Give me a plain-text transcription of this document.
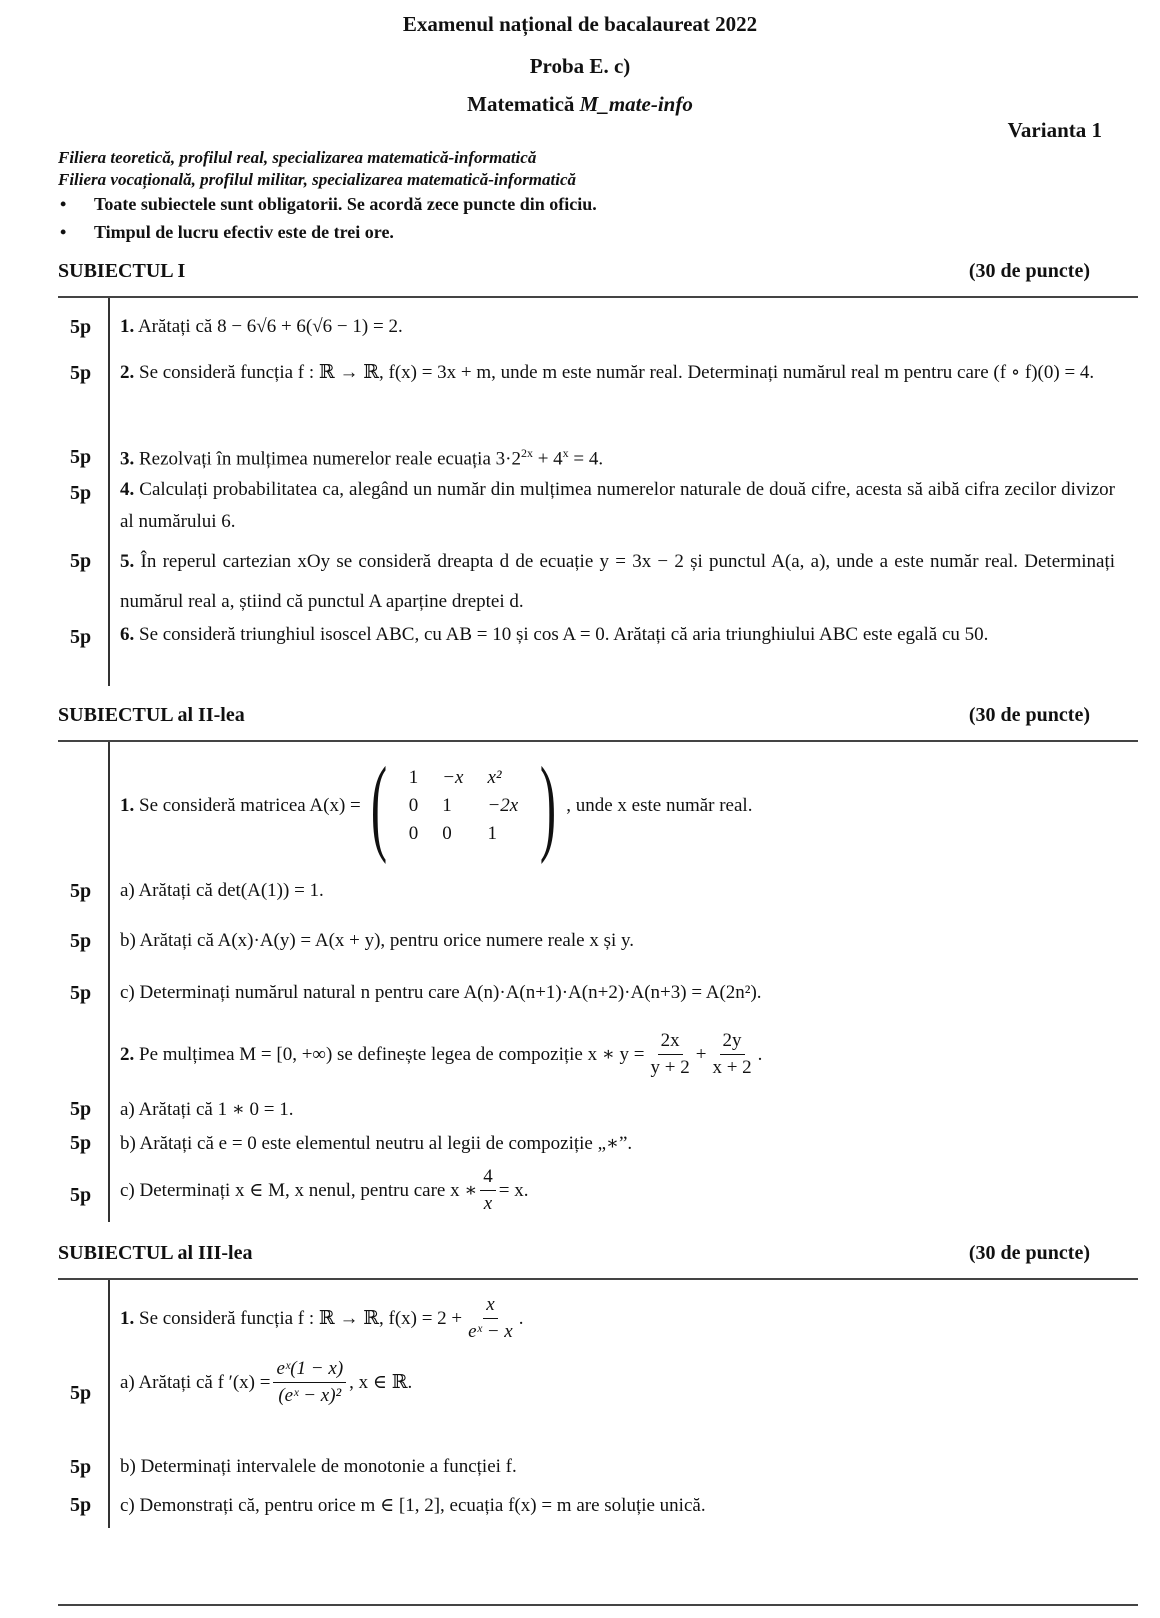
Examenul național de bacalaureat 2022
Proba E. c)
Matematică M_mate-info
Varianta 1
Filiera teoretică, profilul real, specializarea matematică-informatică
Filiera vocațională, profilul militar, specializarea matematică-informatică
• Toate subiectele sunt obligatorii. Se acordă zece puncte din oficiu.
• Timpul de lucru efectiv este de trei ore.
SUBIECTUL I	(30 de puncte)
5p 1. Arătați că 8 − 6√6 + 6(√6 − 1) = 2.
5p 2. Se consideră funcția f : ℝ → ℝ, f(x) = 3x + m, unde m este număr real. Determinați numărul real m pentru care (f ∘ f)(0) = 4.
5p 3. Rezolvați în mulțimea numerelor reale ecuația $3\cdot 2^{2x} + 4^x = 4$.
5p 4. Calculați probabilitatea ca, alegând un număr din mulțimea numerelor naturale de două cifre, acesta să aibă cifra zecilor divizor al numărului 6.
5p 5. În reperul cartezian xOy se consideră dreapta d de ecuație y = 3x − 2 și punctul A(a, a), unde a este număr real. Determinați numărul real a, știind că punctul A aparține dreptei d.
5p 6. Se consideră triunghiul isoscel ABC, cu AB = 10 și cos A = 0. Arătați că aria triunghiului ABC este egală cu 50.
SUBIECTUL al II-lea	(30 de puncte)
1.
Se consideră matricea A(x) = ( 1	−x	x²
0	1	−2x
0	0	1 ) , unde x este număr real.
5p a) Arătați că det(A(1)) = 1.
5p b) Arătați că A(x)·A(y) = A(x + y), pentru orice numere reale x și y.
5p c) Determinați numărul natural n pentru care A(n)·A(n+1)·A(n+2)·A(n+3) = A(2n²).
2.
Pe mulțimea M = [0, +∞) se definește legea de compoziție x ∗ $y = \frac{2x}{y + 2} + \frac{2y}{x + 2}$ .
5p a) Arătați că 1 ∗ 0 = 1.
5p b) Arătați că e = 0 este elementul neutru al legii de compoziție „∗”.
5p c) Determinați x ∈ M, x nenul, pentru care x ∗ $\frac{4}{x} = x$.
SUBIECTUL al III-lea	(30 de puncte)
1.
Se consideră funcția f : ℝ → ℝ, $f(x) = 2 + \frac{x}{\text{eˣ − x}}$ .
5p a) Arătați că f $'(x) = \frac{\text{eˣ(1 − x)}}{\text{(eˣ − x)²}}$ , x ∈ ℝ.
5p b) Determinați intervalele de monotonie a funcției f.
5p c) Demonstrați că, pentru orice m ∈ [1, 2], ecuația f(x) = m are soluție unică.
